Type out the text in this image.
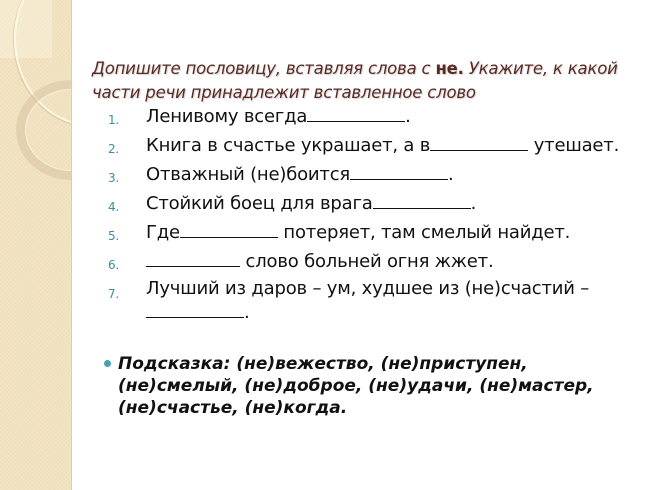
Допишите пословицу, вставляя слова с не. Укажите, к какой части речи принадлежит вставленное слово
1. Ленивому всегда	.
2. Книга в счастье украшает, а в	утешает.
3. Отважный (не)боится	.
4. Стойкий боец для врага	.
5. Где	потеряет, там смелый найдет.
6.	слово больней огня жжет.
7. Лучший из даров – ум, худшее из (не)счастий –.
Подсказка: (не)вежество, (не)приступен, (не)смелый, (не)доброе, (не)удачи, (не)мастер, (не)счастье, (не)когда.
